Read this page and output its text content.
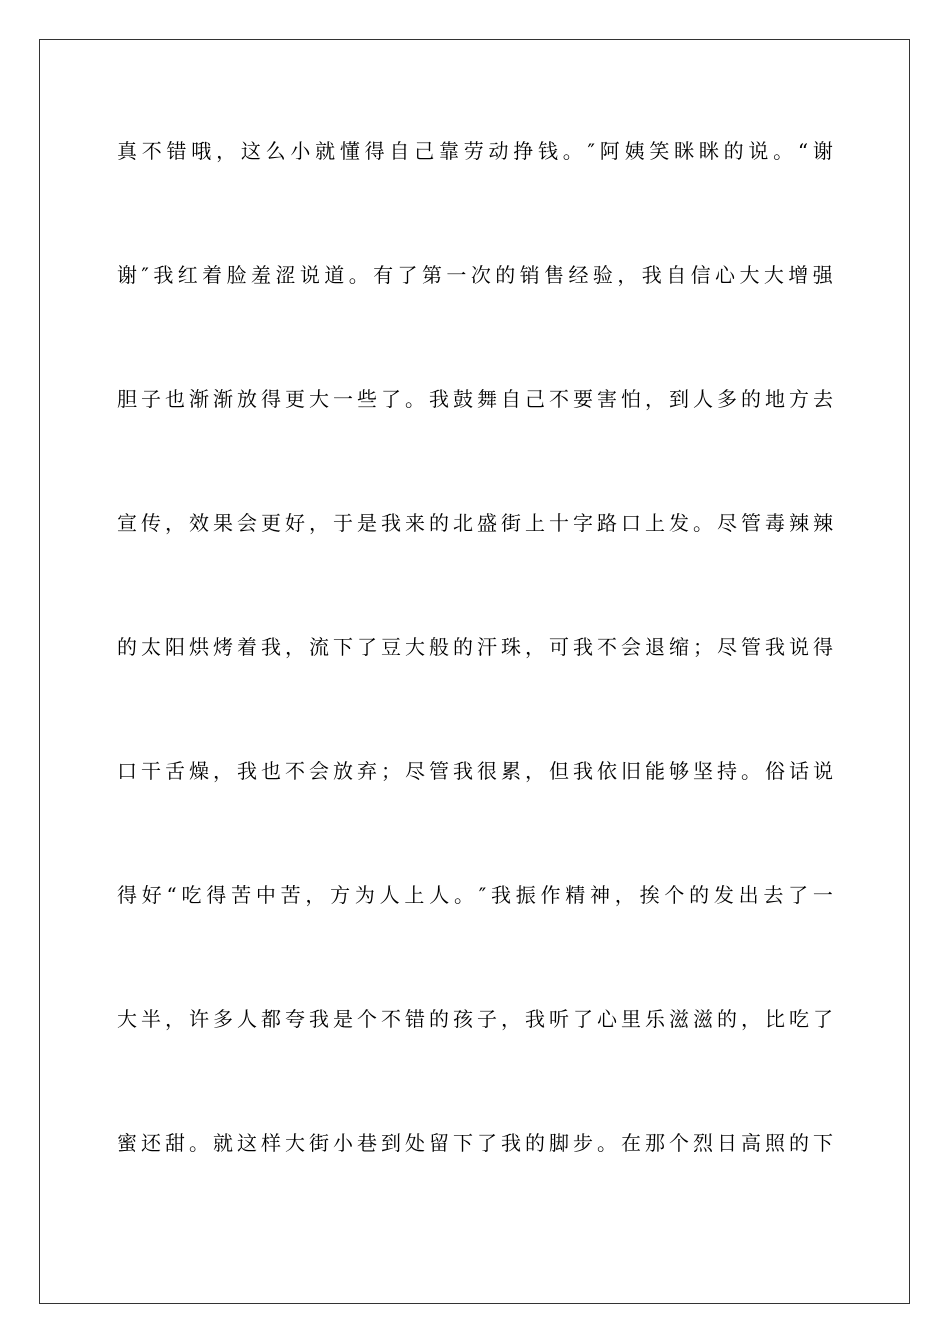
真 不 错 哦 ， 这 么 小 就 懂 得 自 己 靠 劳 动 挣 钱 。 ″ 阿 姨 笑 眯 眯 的 说 。 “ 谢
谢 ″ 我 红 着 脸 羞 涩 说 道 。 有 了 第 一 次 的 销 售 经 验 ， 我 自 信 心 大 大 增 强
胆 子 也 渐 渐 放 得 更 大 一 些 了 。 我 鼓 舞 自 己 不 要 害 怕 ， 到 人 多 的 地 方 去
宣 传 ， 效 果 会 更 好 ， 于 是 我 来 的 北 盛 街 上 十 字 路 口 上 发 。 尽 管 毒 辣 辣
的 太 阳 烘 烤 着 我 ， 流 下 了 豆 大 般 的 汗 珠 ， 可 我 不 会 退 缩 ； 尽 管 我 说 得
口 干 舌 燥 ， 我 也 不 会 放 弃 ； 尽 管 我 很 累 ， 但 我 依 旧 能 够 坚 持 。 俗 话 说
得 好 “ 吃 得 苦 中 苦 ， 方 为 人 上 人 。 ″ 我 振 作 精 神 ， 挨 个 的 发 出 去 了 一
大 半 ， 许 多 人 都 夸 我 是 个 不 错 的 孩 子 ， 我 听 了 心 里 乐 滋 滋 的 ， 比 吃 了
蜜 还 甜 。 就 这 样 大 街 小 巷 到 处 留 下 了 我 的 脚 步 。 在 那 个 烈 日 高 照 的 下
